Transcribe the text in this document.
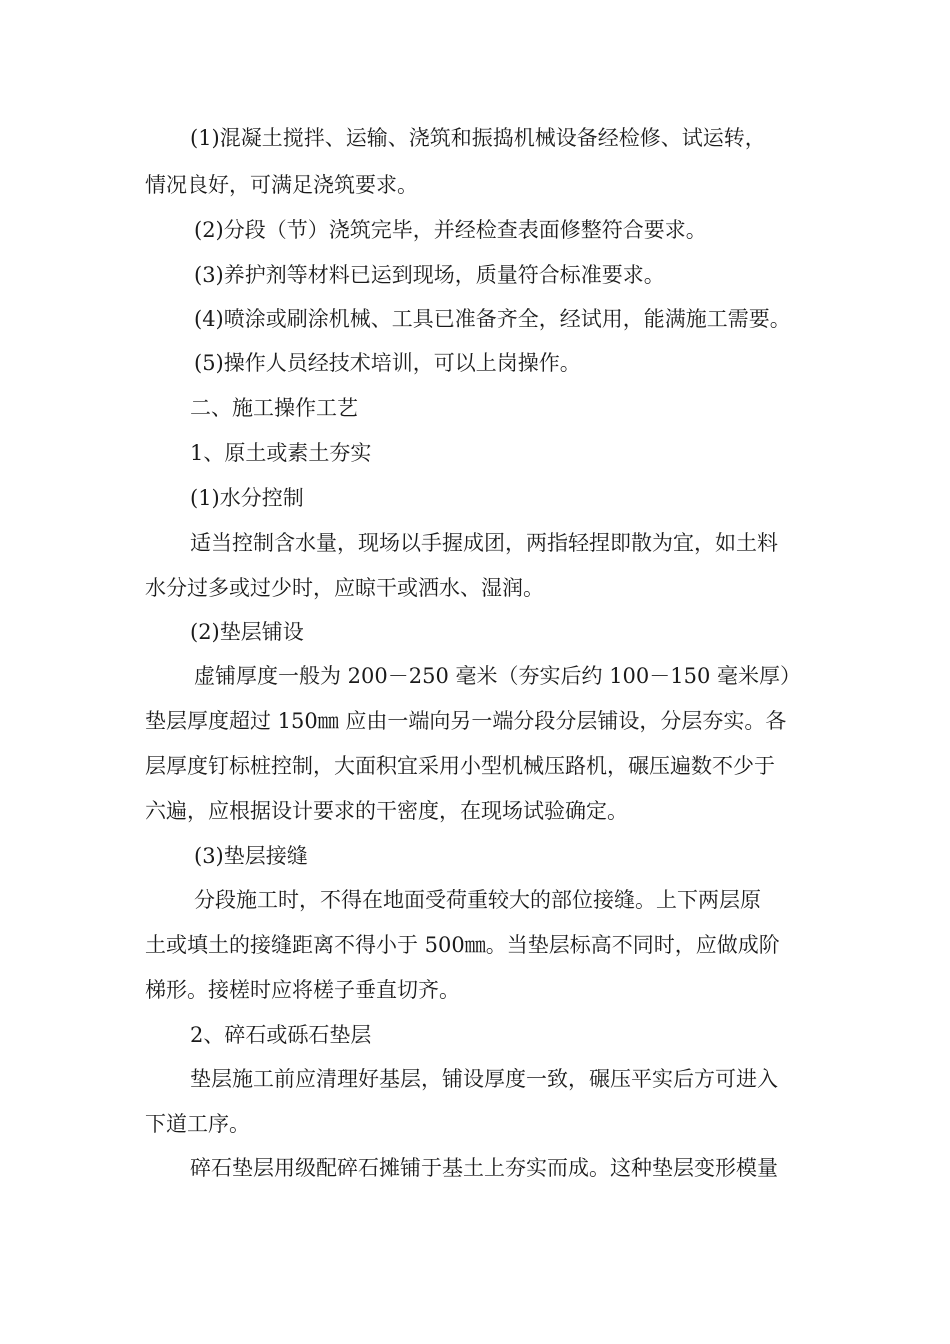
(1)混凝土搅拌、运输、浇筑和振捣机械设备经检修、试运转，
情况良好，可满足浇筑要求。
(2)分段（节）浇筑完毕，并经检查表面修整符合要求。
(3)养护剂等材料已运到现场，质量符合标准要求。
(4)喷涂或刷涂机械、工具已准备齐全，经试用，能满施工需要。
(5)操作人员经技术培训，可以上岗操作。
二、施工操作工艺
1、原土或素土夯实
(1)水分控制
适当控制含水量，现场以手握成团，两指轻捏即散为宜，如土料
水分过多或过少时，应晾干或洒水、湿润。
(2)垫层铺设
虚铺厚度一般为 200－250 毫米（夯实后约 100－150 毫米厚）
垫层厚度超过 150㎜ 应由一端向另一端分段分层铺设，分层夯实。各
层厚度钉标桩控制，大面积宜采用小型机械压路机，碾压遍数不少于
六遍，应根据设计要求的干密度，在现场试验确定。
(3)垫层接缝
分段施工时，不得在地面受荷重较大的部位接缝。上下两层原
土或填土的接缝距离不得小于 500㎜。当垫层标高不同时，应做成阶
梯形。接槎时应将槎子垂直切齐。
2、碎石或砾石垫层
垫层施工前应清理好基层，铺设厚度一致，碾压平实后方可进入
下道工序。
碎石垫层用级配碎石摊铺于基土上夯实而成。这种垫层变形模量
